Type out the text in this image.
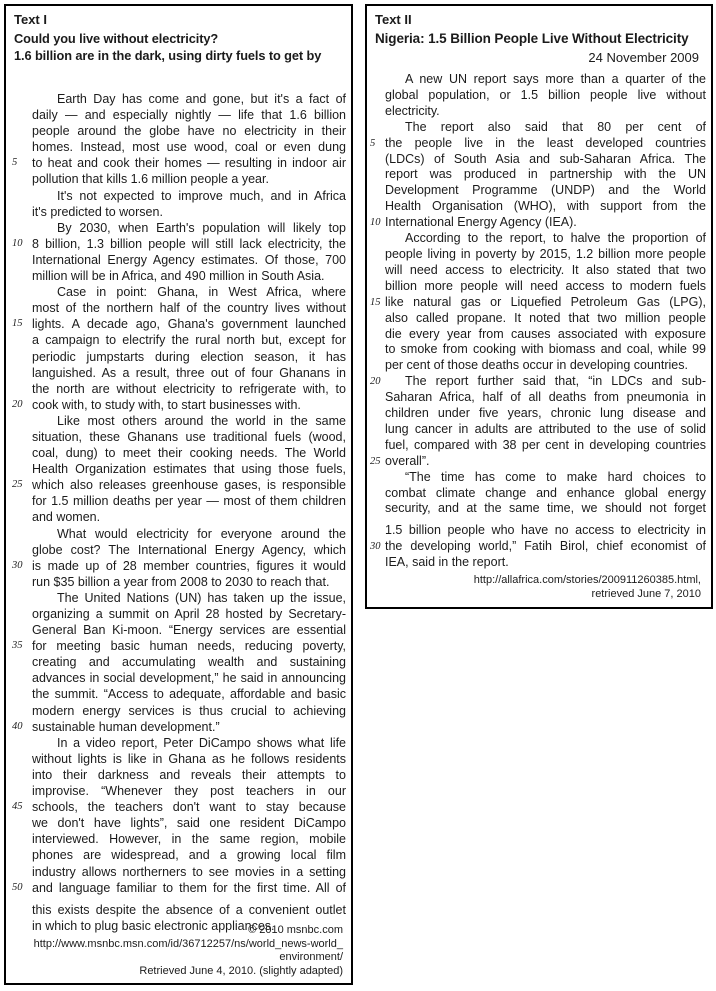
Text I
Could you live without electricity?
1.6 billion are in the dark, using dirty fuels to get by
Earth Day has come and gone, but it's a fact of
daily — and especially nightly — life that 1.6 billion
people around the globe have no electricity in their
homes. Instead, most use wood, coal or even dung
5	to heat and cook their homes — resulting in indoor air
pollution that kills 1.6 million people a year.
It's not expected to improve much, and in Africa
it's predicted to worsen.
By 2030, when Earth's population will likely top
10 8 billion, 1.3 billion people will still lack electricity, the
International Energy Agency estimates. Of those, 700
million will be in Africa, and 490 million in South Asia.
Case in point: Ghana, in West Africa, where
most of the northern half of the country lives without
15 lights. A decade ago, Ghana's government launched
a campaign to electrify the rural north but, except for
periodic jumpstarts during election season, it has
languished. As a result, three out of four Ghanans in
the north are without electricity to refrigerate with, to
20 cook with, to study with, to start businesses with.
Like most others around the world in the same
situation, these Ghanans use traditional fuels (wood,
coal, dung) to meet their cooking needs. The World
Health Organization estimates that using those fuels,
25 which also releases greenhouse gases, is responsible
for 1.5 million deaths per year — most of them children
and women.
What would electricity for everyone around the
globe cost? The International Energy Agency, which
30 is made up of 28 member countries, figures it would
run $35 billion a year from 2008 to 2030 to reach that.
The United Nations (UN) has taken up the issue,
organizing a summit on April 28 hosted by Secretary-
General Ban Ki-moon. “Energy services are essential
35 for meeting basic human needs, reducing poverty,
creating and accumulating wealth and sustaining
advances in social development,” he said in announcing
the summit. “Access to adequate, affordable and basic
modern energy services is thus crucial to achieving
40 sustainable human development.”
In a video report, Peter DiCampo shows what life
without lights is like in Ghana as he follows residents
into their darkness and reveals their attempts to
improvise. “Whenever they post teachers in our
45 schools, the teachers don't want to stay because
we don't have lights”, said one resident DiCampo
interviewed. However, in the same region, mobile
phones are widespread, and a growing local film
industry allows northerners to see movies in a setting
50 and language familiar to them for the first time. All of
this exists despite the absence of a convenient outlet
in which to plug basic electronic appliances.
© 2010 msnbc.com
http://www.msnbc.msn.com/id/36712257/ns/world_news-world_
environment/
Retrieved June 4, 2010. (slightly adapted)
Text II
Nigeria: 1.5 Billion People Live Without Electricity
24 November 2009
A new UN report says more than a quarter of the
global population, or 1.5 billion people live without
electricity.
The report also said that 80 per cent of
5 the people live in the least developed countries
(LDCs) of South Asia and sub-Saharan Africa. The
report was produced in partnership with the UN
Development Programme (UNDP) and the World
Health Organisation (WHO), with support from the
10 International Energy Agency (IEA).
According to the report, to halve the proportion of
people living in poverty by 2015, 1.2 billion more people
will need access to electricity. It also stated that two
billion more people will need access to modern fuels
15 like natural gas or Liquefied Petroleum Gas (LPG),
also called propane. It noted that two million people
die every year from causes associated with exposure
to smoke from cooking with biomass and coal, while 99
per cent of those deaths occur in developing countries.
20	The report further said that, “in LDCs and sub-
Saharan Africa, half of all deaths from pneumonia in
children under five years, chronic lung disease and
lung cancer in adults are attributed to the use of solid
fuel, compared with 38 per cent in developing countries
25 overall”.
“The time has come to make hard choices to
combat climate change and enhance global energy
security, and at the same time, we should not forget
1.5 billion people who have no access to electricity in
30 the developing world,” Fatih Birol, chief economist of
IEA, said in the report.
http://allafrica.com/stories/200911260385.html,
retrieved June 7, 2010
